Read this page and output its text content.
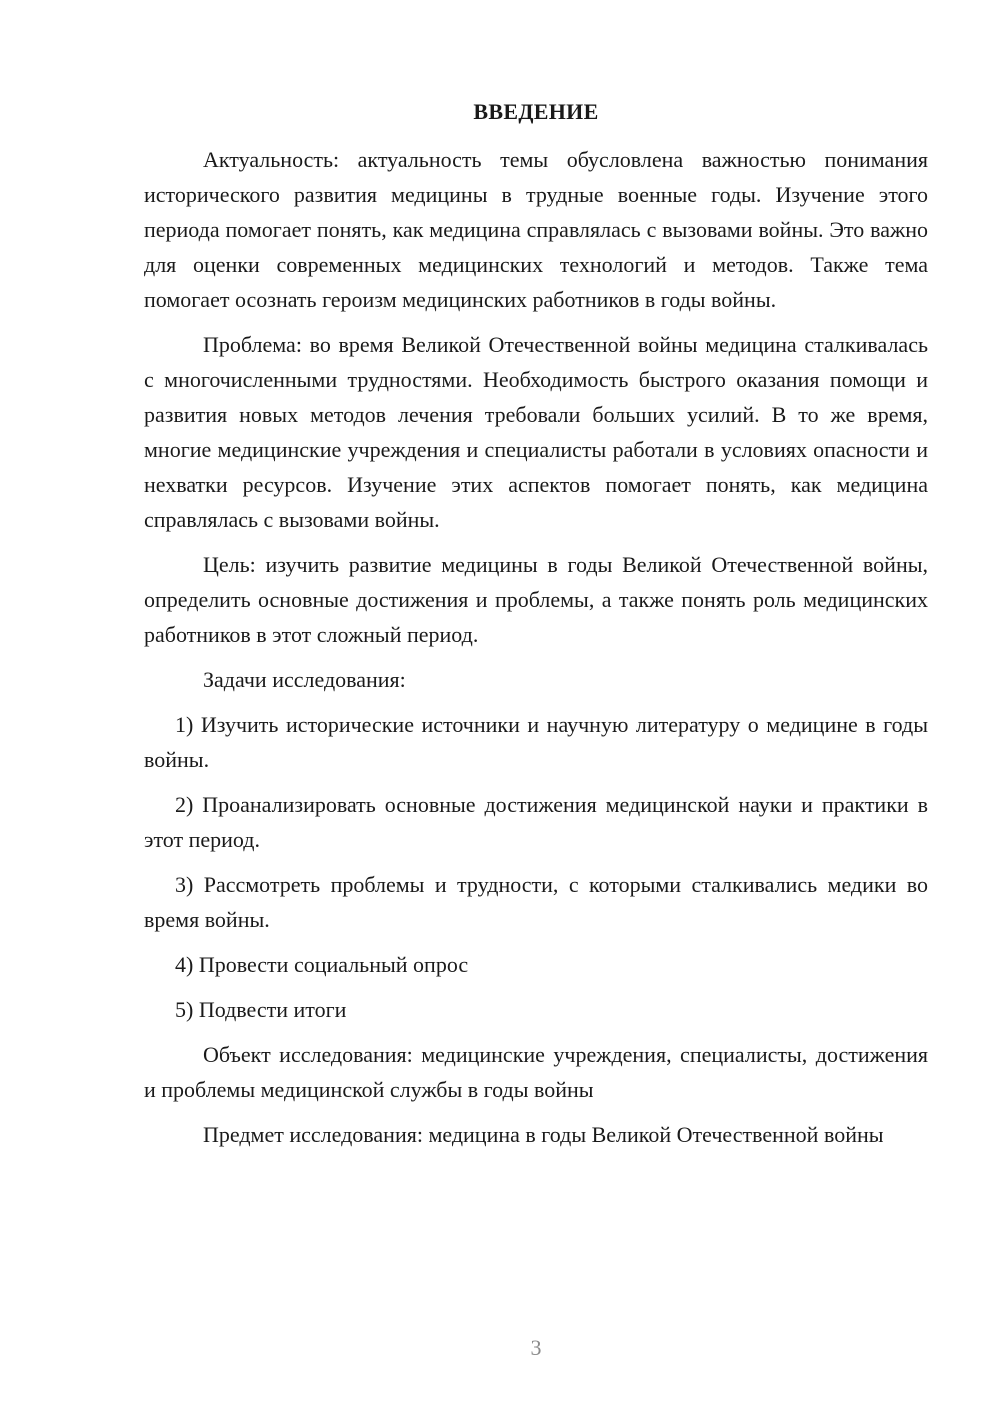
ВВЕДЕНИЕ

Актуальность: актуальность темы обусловлена важностью понимания исторического развития медицины в трудные военные годы. Изучение этого периода помогает понять, как медицина справлялась с вызовами войны. Это важно для оценки современных медицинских технологий и методов. Также тема помогает осознать героизм медицинских работников в годы войны.

Проблема: во время Великой Отечественной войны медицина сталкивалась с многочисленными трудностями. Необходимость быстрого оказания помощи и развития новых методов лечения требовали больших усилий. В то же время, многие медицинские учреждения и специалисты работали в условиях опасности и нехватки ресурсов. Изучение этих аспектов помогает понять, как медицина справлялась с вызовами войны.

Цель: изучить развитие медицины в годы Великой Отечественной войны, определить основные достижения и проблемы, а также понять роль медицинских работников в этот сложный период.

Задачи исследования:

1) Изучить исторические источники и научную литературу о медицине в годы войны.

2) Проанализировать основные достижения медицинской науки и практики в этот период.

3) Рассмотреть проблемы и трудности, с которыми сталкивались медики во время войны.

4) Провести социальный опрос

5) Подвести итоги

Объект исследования: медицинские учреждения, специалисты, достижения и проблемы медицинской службы в годы войны

Предмет исследования: медицина в годы Великой Отечественной войны

3
